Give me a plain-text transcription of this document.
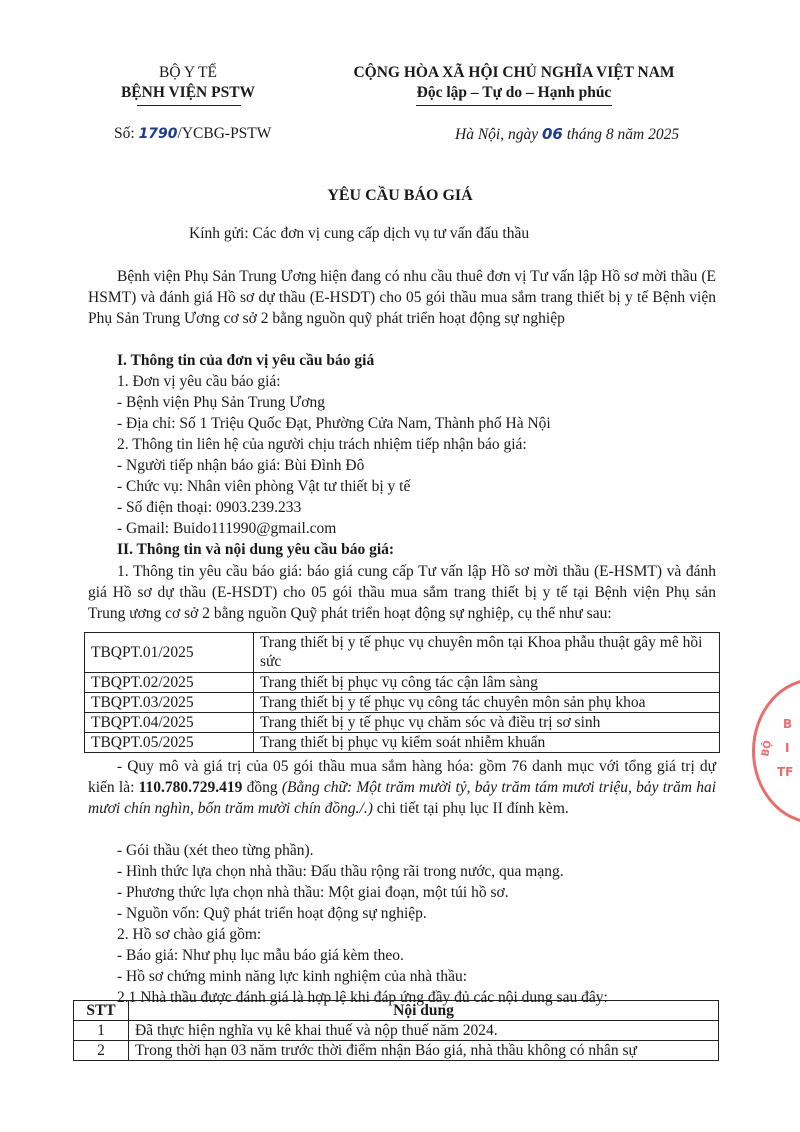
BỘ Y TẾ
BỆNH VIỆN PSTW
CỘNG HÒA XÃ HỘI CHỦ NGHĨA VIỆT NAM
Độc lập – Tự do – Hạnh phúc
Số: 1790/YCBG-PSTW	Hà Nội, ngày 06 tháng 8 năm 2025
YÊU CẦU BÁO GIÁ
Kính gửi: Các đơn vị cung cấp dịch vụ tư vấn đấu thầu
Bệnh viện Phụ Sản Trung Ương hiện đang có nhu cầu thuê đơn vị Tư vấn lập Hồ sơ mời thầu (E HSMT) và đánh giá Hồ sơ dự thầu (E-HSDT) cho 05 gói thầu mua sắm trang thiết bị y tế Bệnh viện Phụ Sản Trung Ương cơ sở 2 bằng nguồn quỹ phát triển hoạt động sự nghiệp
I. Thông tin của đơn vị yêu cầu báo giá
1. Đơn vị yêu cầu báo giá:
- Bệnh viện Phụ Sản Trung Ương
- Địa chỉ: Số 1 Triệu Quốc Đạt, Phường Cửa Nam, Thành phố Hà Nội
2. Thông tin liên hệ của người chịu trách nhiệm tiếp nhận báo giá:
- Người tiếp nhận báo giá: Bùi Đình Đô
- Chức vụ: Nhân viên phòng Vật tư thiết bị y tế
- Số điện thoại: 0903.239.233
- Gmail: Buido111990@gmail.com
II. Thông tin và nội dung yêu cầu báo giá:
1. Thông tin yêu cầu báo giá: báo giá cung cấp Tư vấn lập Hồ sơ mời thầu (E-HSMT) và đánh giá Hồ sơ dự thầu (E-HSDT) cho 05 gói thầu mua sắm trang thiết bị y tế tại Bệnh viện Phụ sản Trung ương cơ sở 2 bằng nguồn Quỹ phát triển hoạt động sự nghiệp, cụ thể như sau:
TBQPT.01/2025	Trang thiết bị y tế phục vụ chuyên môn tại Khoa phẫu thuật gây mê hồi sức
TBQPT.02/2025	Trang thiết bị phục vụ công tác cận lâm sàng
TBQPT.03/2025	Trang thiết bị y tế phục vụ công tác chuyên môn sản phụ khoa
TBQPT.04/2025	Trang thiết bị y tế phục vụ chăm sóc và điều trị sơ sinh
TBQPT.05/2025	Trang thiết bị phục vụ kiểm soát nhiễm khuẩn
- Quy mô và giá trị của 05 gói thầu mua sắm hàng hóa: gồm 76 danh mục với tổng giá trị dự kiến là: 110.780.729.419 đồng (Bằng chữ: Một trăm mười tỷ, bảy trăm tám mươi triệu, bảy trăm hai mươi chín nghìn, bốn trăm mười chín đồng./.) chi tiết tại phụ lục II đính kèm.
- Gói thầu (xét theo từng phần).
- Hình thức lựa chọn nhà thầu: Đấu thầu rộng rãi trong nước, qua mạng.
- Phương thức lựa chọn nhà thầu: Một giai đoạn, một túi hồ sơ.
- Nguồn vốn: Quỹ phát triển hoạt động sự nghiệp.
2. Hồ sơ chào giá gồm:
- Báo giá: Như phụ lục mẫu báo giá kèm theo.
- Hồ sơ chứng minh năng lực kinh nghiệm của nhà thầu:
2.1 Nhà thầu được đánh giá là hợp lệ khi đáp ứng đầy đủ các nội dung sau đây:
STT	Nội dung
1	Đã thực hiện nghĩa vụ kê khai thuế và nộp thuế năm 2024.
2	Trong thời hạn 03 năm trước thời điểm nhận Báo giá, nhà thầu không có nhân sự
B
I
TF
BỘ
